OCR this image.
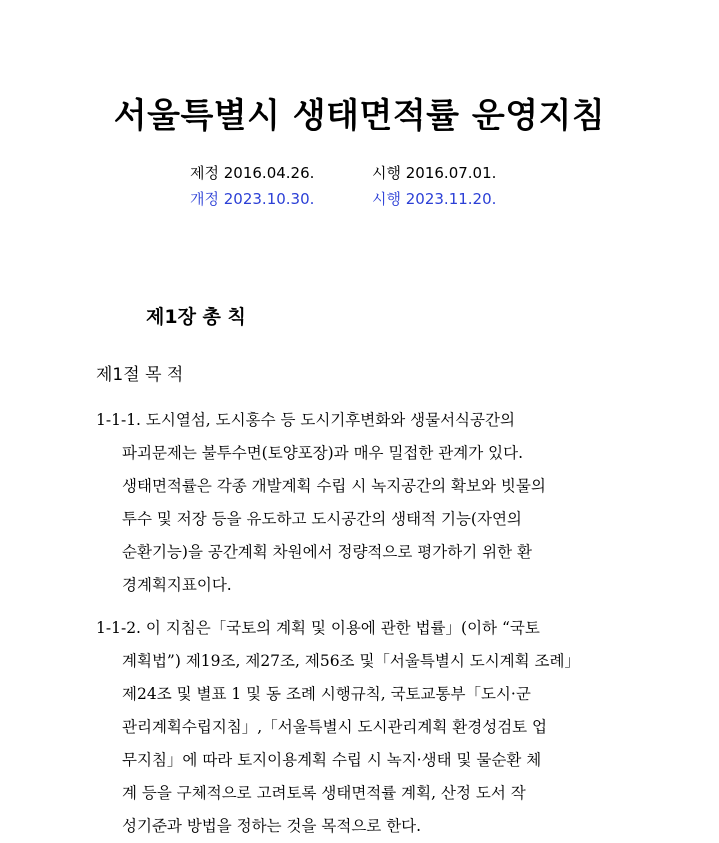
서울특별시 생태면적률 운영지침
제정 2016.04.26.	시행 2016.07.01.
개정 2023.10.30.	시행 2023.11.20.
제1장 총 칙
제1절 목 적
1-1-1. 도시열섬, 도시홍수 등 도시기후변화와 생물서식공간의
파괴문제는 불투수면(토양포장)과 매우 밀접한 관계가 있다.
생태면적률은 각종 개발계획 수립 시 녹지공간의 확보와 빗물의
투수 및 저장 등을 유도하고 도시공간의 생태적 기능(자연의
순환기능)을 공간계획 차원에서 정량적으로 평가하기 위한 환
경계획지표이다.
1-1-2. 이 지침은「국토의 계획 및 이용에 관한 법률」(이하 “국토
계획법”) 제19조, 제27조, 제56조 및「서울특별시 도시계획 조례」
제24조 및 별표 1 및 동 조례 시행규칙, 국토교통부「도시·군
관리계획수립지침」,「서울특별시 도시관리계획 환경성검토 업
무지침」에 따라 토지이용계획 수립 시 녹지·생태 및 물순환 체
계 등을 구체적으로 고려토록 생태면적률 계획, 산정 도서 작
성기준과 방법을 정하는 것을 목적으로 한다.
